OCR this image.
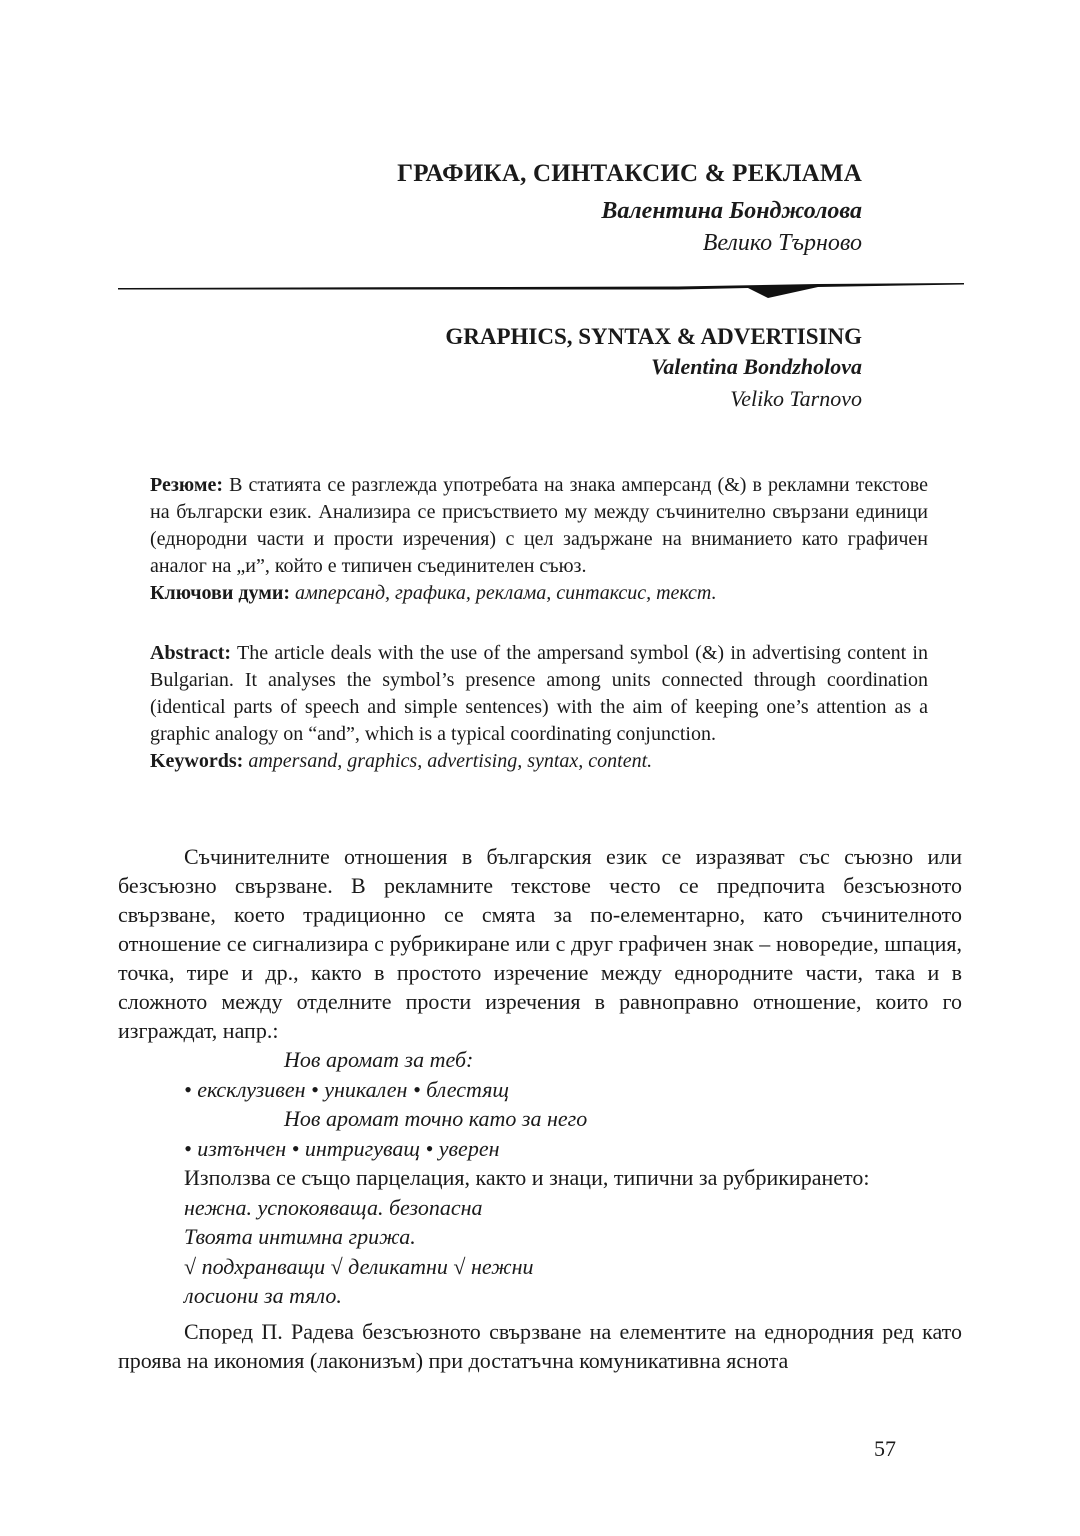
ГРАФИКА, СИНТАКСИС & РЕКЛАМА
Валентина Бонджолова
Велико Търново
GRAPHICS, SYNTAX & ADVERTISING
Valentina Bondzholova
Veliko Tarnovo

Резюме: В статията се разглежда употребата на знака амперсанд (&) в рекламни текстове на български език. Анализира се присъствието му между съчинително свързани единици (еднородни части и прости изречения) с цел задържане на вниманието като графичен аналог на „и”, който е типичен съединителен съюз.

Ключови думи: амперсанд, графика, реклама, синтаксис, текст.

Abstract: The article deals with the use of the ampersand symbol (&) in advertising content in Bulgarian. It analyses the symbol’s presence among units connected through coordination (identical parts of speech and simple sentences) with the aim of keeping one’s attention as a graphic analogy on “and”, which is a typical coordinating conjunction.

Keywords: ampersand, graphics, advertising, syntax, content.

Съчинителните отношения в българския език се изразяват със съюзно или безсъюзно свързване. В рекламните текстове често се предпочита безсъюзното свързване, което традиционно се смята за по-елементарно, като съчинителното отношение се сигнализира с рубрикиране или с друг графичен знак – новоредие, шпация, точка, тире и др., както в простото изречение между еднородните части, така и в сложното между отделните прости изречения в равноправно отношение, които го изграждат, напр.:

Нов аромат за теб:
• ексклузивен • уникален • блестящ
Нов аромат точно като за него
• изтънчен • интригуващ • уверен
Използва се също парцелация, както и знаци, типични за рубрикирането:
нежна. успокояваща. безопасна
Твоята интимна грижа.
√ подхранващи √ деликатни √ нежни
лосиони за тяло.

Според П. Радева безсъюзното свързване на елементите на еднородния ред като проява на икономия (лаконизъм) при достатъчна комуникативна яснота

57
